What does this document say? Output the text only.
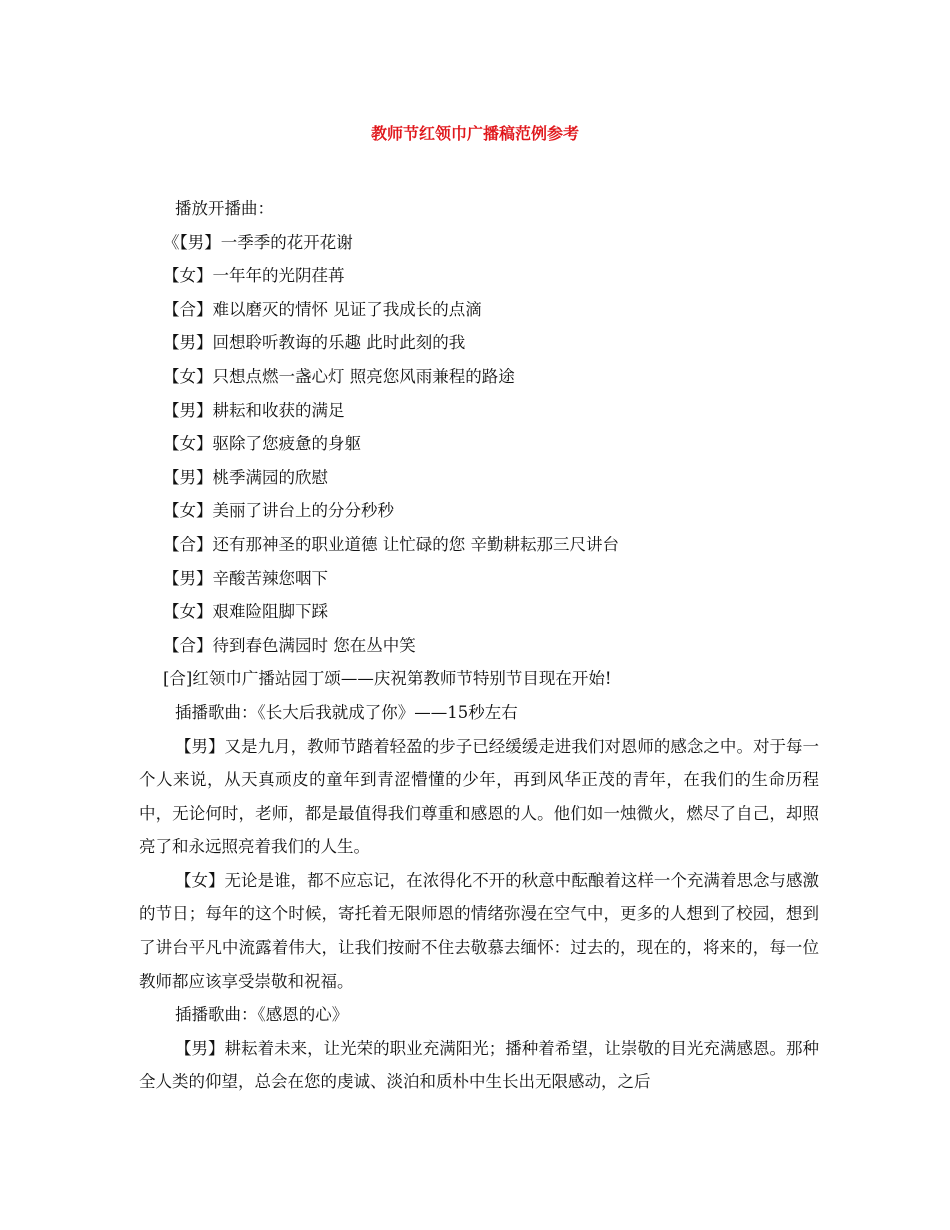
教师节红领巾广播稿范例参考
播放开播曲：
《【男】一季季的花开花谢
【女】一年年的光阴荏苒
【合】难以磨灭的情怀 见证了我成长的点滴
【男】回想聆听教诲的乐趣 此时此刻的我
【女】只想点燃一盏心灯 照亮您风雨兼程的路途
【男】耕耘和收获的满足
【女】驱除了您疲惫的身躯
【男】桃季满园的欣慰
【女】美丽了讲台上的分分秒秒
【合】还有那神圣的职业道德 让忙碌的您 辛勤耕耘那三尺讲台
【男】辛酸苦辣您咽下
【女】艰难险阻脚下踩
【合】待到春色满园时 您在丛中笑
[合]红领巾广播站园丁颂——庆祝第教师节特别节目现在开始!
插播歌曲：《长大后我就成了你》——15秒左右

【男】又是九月，教师节踏着轻盈的步子已经缓缓走进我们对恩师的感念之中。对于每一个人来说，从天真顽皮的童年到青涩懵懂的少年，再到风华正茂的青年，在我们的生命历程中，无论何时，老师，都是最值得我们尊重和感恩的人。他们如一烛微火，燃尽了自己，却照亮了和永远照亮着我们的人生。

【女】无论是谁，都不应忘记，在浓得化不开的秋意中酝酿着这样一个充满着思念与感激的节日；每年的这个时候，寄托着无限师恩的情绪弥漫在空气中，更多的人想到了校园，想到了讲台平凡中流露着伟大，让我们按耐不住去敬慕去缅怀：过去的，现在的，将来的，每一位教师都应该享受崇敬和祝福。

插播歌曲：《感恩的心》

【男】耕耘着未来，让光荣的职业充满阳光；播种着希望，让崇敬的目光充满感恩。那种全人类的仰望，总会在您的虔诚、淡泊和质朴中生长出无限感动，之后
